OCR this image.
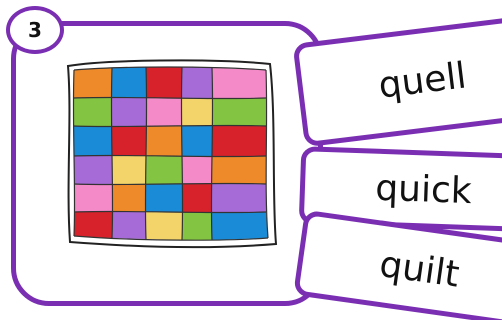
3
quell
quick
quilt
